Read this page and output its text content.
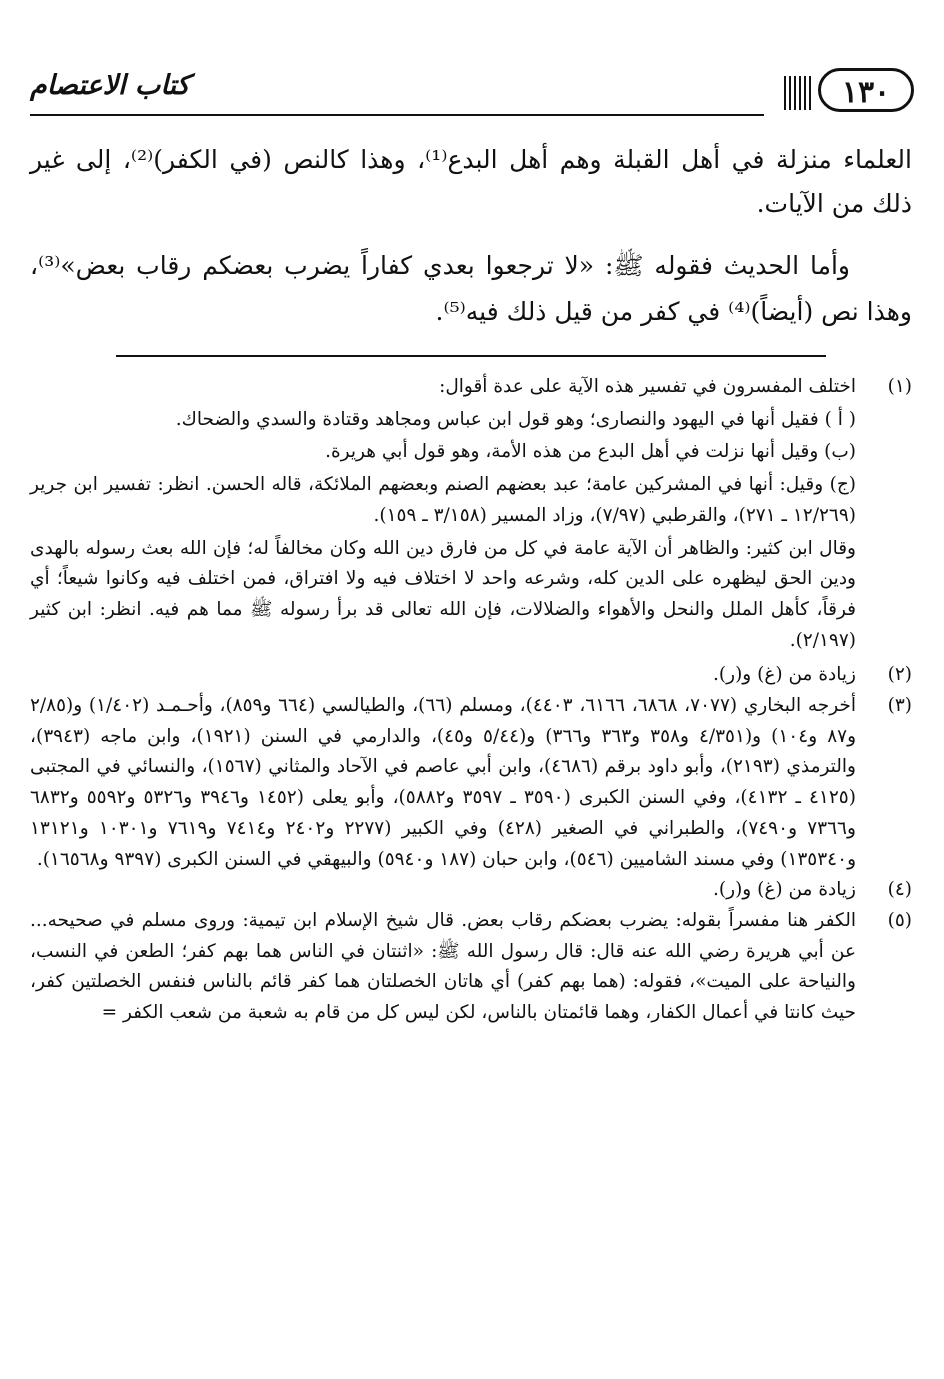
كتاب الاعتصام	١٣٠
العلماء منزلة في أهل القبلة وهم أهل البدع⁽¹⁾، وهذا كالنص (في الكفر)⁽²⁾، إلى غير ذلك من الآيات.
وأما الحديث فقوله ﷺ: «لا ترجعوا بعدي كفاراً يضرب بعضكم رقاب بعض»⁽³⁾، وهذا نص (أيضاً)⁽⁴⁾ في كفر من قيل ذلك فيه⁽⁵⁾.
(١)

اختلف المفسرون في تفسير هذه الآية على عدة أقوال:

( أ ) فقيل أنها في اليهود والنصارى؛ وهو قول ابن عباس ومجاهد وقتادة والسدي والضحاك.

(ب) وقيل أنها نزلت في أهل البدع من هذه الأمة، وهو قول أبي هريرة.

(ج) وقيل: أنها في المشركين عامة؛ عبد بعضهم الصنم وبعضهم الملائكة، قاله الحسن. انظر: تفسير ابن جرير (١٢/٢٦٩ ـ ٢٧١)، والقرطبي (٧/٩٧)، وزاد المسير (٣/١٥٨ ـ ١٥٩).

وقال ابن كثير: والظاهر أن الآية عامة في كل من فارق دين الله وكان مخالفاً له؛ فإن الله بعث رسوله بالهدى ودين الحق ليظهره على الدين كله، وشرعه واحد لا اختلاف فيه ولا افتراق، فمن اختلف فيه وكانوا شيعاً؛ أي فرقاً، كأهل الملل والنحل والأهواء والضلالات، فإن الله تعالى قد برأ رسوله ﷺ مما هم فيه. انظر: ابن كثير (٢/١٩٧).

(٢)

زيادة من (غ) و(ر).

(٣)

أخرجه البخاري (٧٠٧٧، ٦٨٦٨، ٦١٦٦، ٤٤٠٣)، ومسلم (٦٦)، والطيالسي (٦٦٤ و٨٥٩)، وأحـمـد (١/٤٠٢) و(٢/٨٥ و٨٧ و١٠٤) و(٤/٣٥١ و٣٥٨ و٣٦٣ و٣٦٦) و(٥/٤٤ و٤٥)، والدارمي في السنن (١٩٢١)، وابن ماجه (٣٩٤٣)، والترمذي (٢١٩٣)، وأبو داود برقم (٤٦٨٦)، وابن أبي عاصم في الآحاد والمثاني (١٥٦٧)، والنسائي في المجتبى (٤١٢٥ ـ ٤١٣٢)، وفي السنن الكبرى (٣٥٩٠ ـ ٣٥٩٧ و٥٨٨٢)، وأبو يعلى (١٤٥٢ و٣٩٤٦ و٥٣٢٦ و٥٥٩٢ و٦٨٣٢ و٧٣٦٦ و٧٤٩٠)، والطبراني في الصغير (٤٢٨) وفي الكبير (٢٢٧٧ و٢٤٠٢ و٧٤١٤ و٧٦١٩ و١٠٣٠١ و١٣١٢١ و١٣٥٣٤٠) وفي مسند الشاميين (٥٤٦)، وابن حبان (١٨٧ و٥٩٤٠) والبيهقي في السنن الكبرى (٩٣٩٧ و١٦٥٦٨).

(٤)

زيادة من (غ) و(ر).

(٥)

الكفر هنا مفسراً بقوله: يضرب بعضكم رقاب بعض. قال شيخ الإسلام ابن تيمية: وروى مسلم في صحيحه... عن أبي هريرة رضي الله عنه قال: قال رسول الله ﷺ: «اثنتان في الناس هما بهم كفر؛ الطعن في النسب، والنياحة على الميت»، فقوله: (هما بهم كفر) أي هاتان الخصلتان هما كفر قائم بالناس فنفس الخصلتين كفر، حيث كانتا في أعمال الكفار، وهما قائمتان بالناس، لكن ليس كل من قام به شعبة من شعب الكفر =
